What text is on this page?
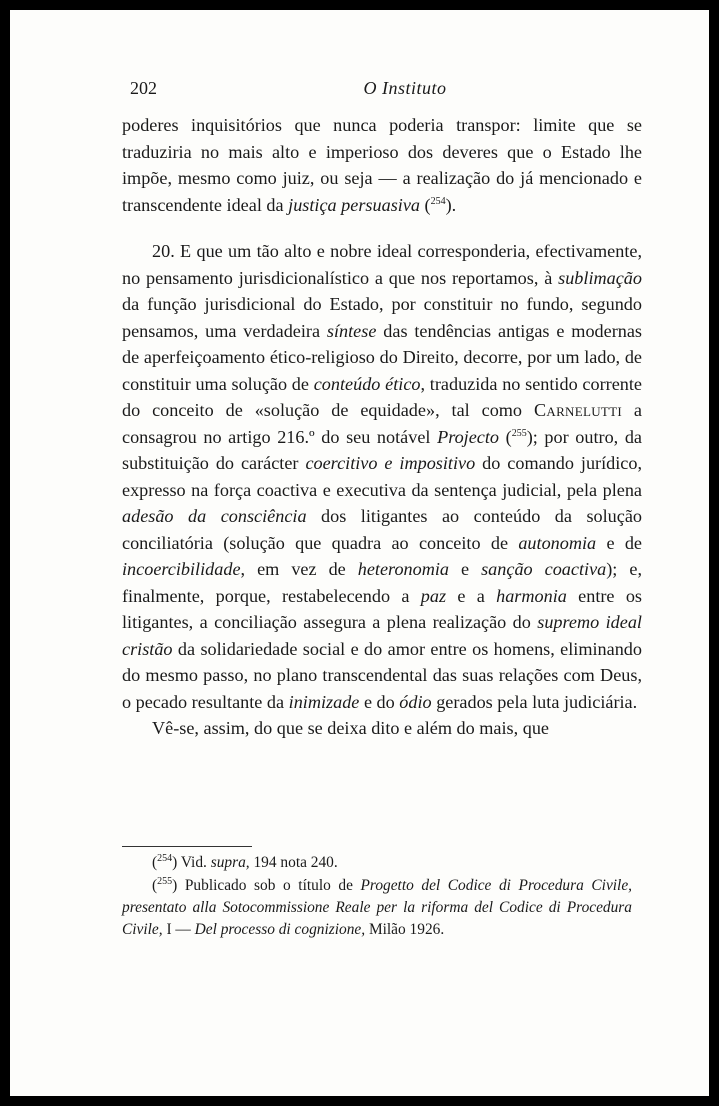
202	O Instituto

poderes inquisitórios que nunca poderia transpor: limite que se traduziria no mais alto e imperioso dos deveres que o Estado lhe impõe, mesmo como juiz, ou seja — a realização do já mencionado e transcendente ideal da justiça persuasiva ($^{254}$).

20. E que um tão alto e nobre ideal corresponderia, efectivamente, no pensamento jurisdicionalístico a que nos reportamos, à sublimação da função jurisdicional do Estado, por constituir no fundo, segundo pensamos, uma verdadeira síntese das tendências antigas e modernas de aperfeiçoamento ético-religioso do Direito, decorre, por um lado, de constituir uma solução de conteúdo ético, traduzida no sentido corrente do conceito de «solução de equidade», tal como Carnelutti a consagrou no artigo 216.º do seu notável Projecto ($^{255}$); por outro, da substituição do carácter coercitivo e impositivo do comando jurídico, expresso na força coactiva e executiva da sentença judicial, pela plena adesão da consciência dos litigantes ao conteúdo da solução conciliatória (solução que quadra ao conceito de autonomia e de incoercibilidade, em vez de heteronomia e sanção coactiva); e, finalmente, porque, restabelecendo a paz e a harmonia entre os litigantes, a conciliação assegura a plena realização do supremo ideal cristão da solidariedade social e do amor entre os homens, eliminando do mesmo passo, no plano transcendental das suas relações com Deus, o pecado resultante da inimizade e do ódio gerados pela luta judiciária.

Vê-se, assim, do que se deixa dito e além do mais, que

($^{254}$) Vid. supra, 194 nota 240.

($^{255}$) Publicado sob o título de Progetto del Codice di Procedura Civile, presentato alla Sotocommissione Reale per la riforma del Codice di Procedura Civile, I — Del processo di cognizione, Milão 1926.
